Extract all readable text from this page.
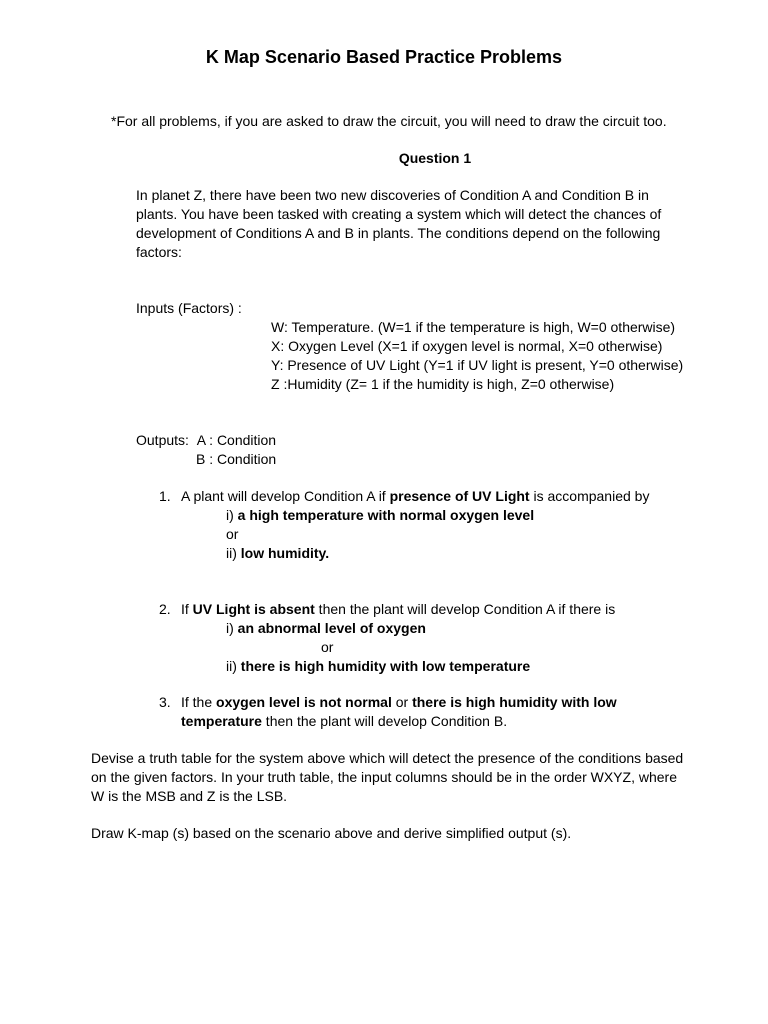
K Map Scenario Based Practice Problems
*For all problems, if you are asked to draw the circuit, you will need to draw the circuit too.
Question 1
In planet Z, there have been two new discoveries of Condition A and Condition B in
plants. You have been tasked with creating a system which will detect the chances of
development of Conditions A and B in plants. The conditions depend on the following
factors:
Inputs (Factors) :
W: Temperature. (W=1 if the temperature is high, W=0 otherwise)
X: Oxygen Level (X=1 if oxygen level is normal, X=0 otherwise)
Y: Presence of UV Light (Y=1 if UV light is present, Y=0 otherwise)
Z :Humidity (Z= 1 if the humidity is high, Z=0 otherwise)
Outputs: A : Condition
B : Condition
1. A plant will develop Condition A if presence of UV Light is accompanied by
i) a high temperature with normal oxygen level
or
ii) low humidity.
2. If UV Light is absent then the plant will develop Condition A if there is
i) an abnormal level of oxygen
or
ii) there is high humidity with low temperature
3. If the oxygen level is not normal or there is high humidity with low
temperature then the plant will develop Condition B.
Devise a truth table for the system above which will detect the presence of the conditions based
on the given factors. In your truth table, the input columns should be in the order WXYZ, where
W is the MSB and Z is the LSB.
Draw K-map (s) based on the scenario above and derive simplified output (s).
